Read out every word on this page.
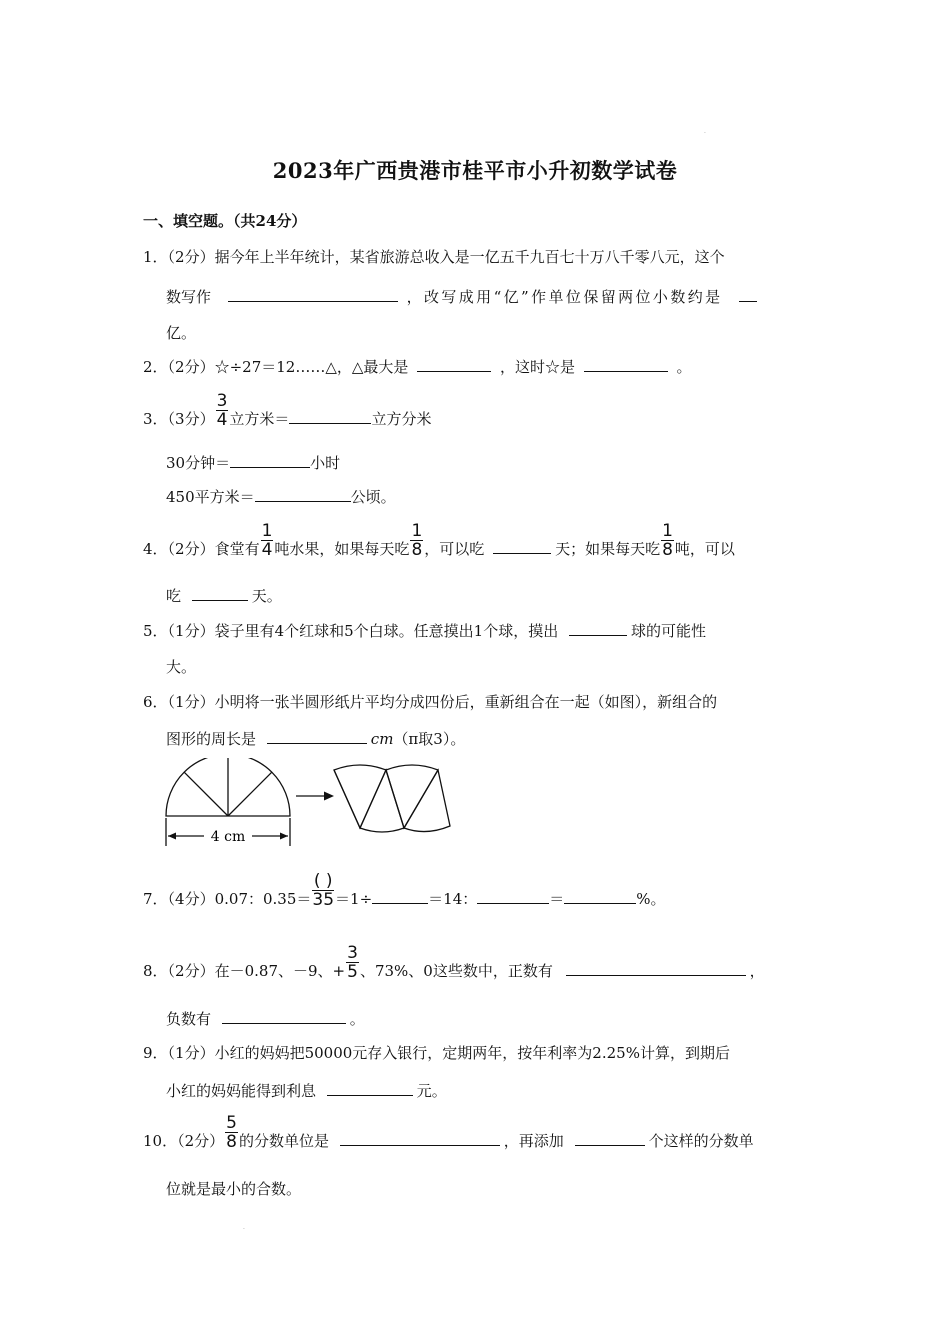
·
2023年广西贵港市桂平市小升初数学试卷
一、填空题。（共24分）
1．（2分）据今年上半年统计，某省旅游总收入是一亿五千九百七十万八千零八元，这个
数写作	，改写成用“亿”作单位保留两位小数约是
亿。
2．（2分）☆÷27＝12……△，△最大是	，这时☆是	。
3．（3分） $\frac{3}{4}$ 立方米＝	立方分米
30分钟＝	小时
450平方米＝	公顷。
4．（2分）食堂有 $\frac{1}{4}$ 吨水果，如果每天吃 $\frac{1}{8}$ ，可以吃	天；如果每天吃 $\frac{1}{8}$ 吨，可以
吃	天。
5．（1分）袋子里有4个红球和5个白球。任意摸出1个球，摸出	球的可能性
大。
6．（1分）小明将一张半圆形纸片平均分成四份后，重新组合在一起（如图），新组合的
图形的周长是	cm（π取3）。
4 cm
7．（4分）0.07：$0.35= \frac{( )}{35} =1\div$	＝14：	＝	%。
8．（2分）在－0.87、－9、+ $\frac{3}{5}$ 、73%、0这些数中，正数有	，
负数有	。
9．（1分）小红的妈妈把50000元存入银行，定期两年，按年利率为2.25%计算，到期后
小红的妈妈能得到利息	元。
10．（2分） $\frac{5}{8}$ 的分数单位是	，再添加	个这样的分数单
位就是最小的合数。
·
